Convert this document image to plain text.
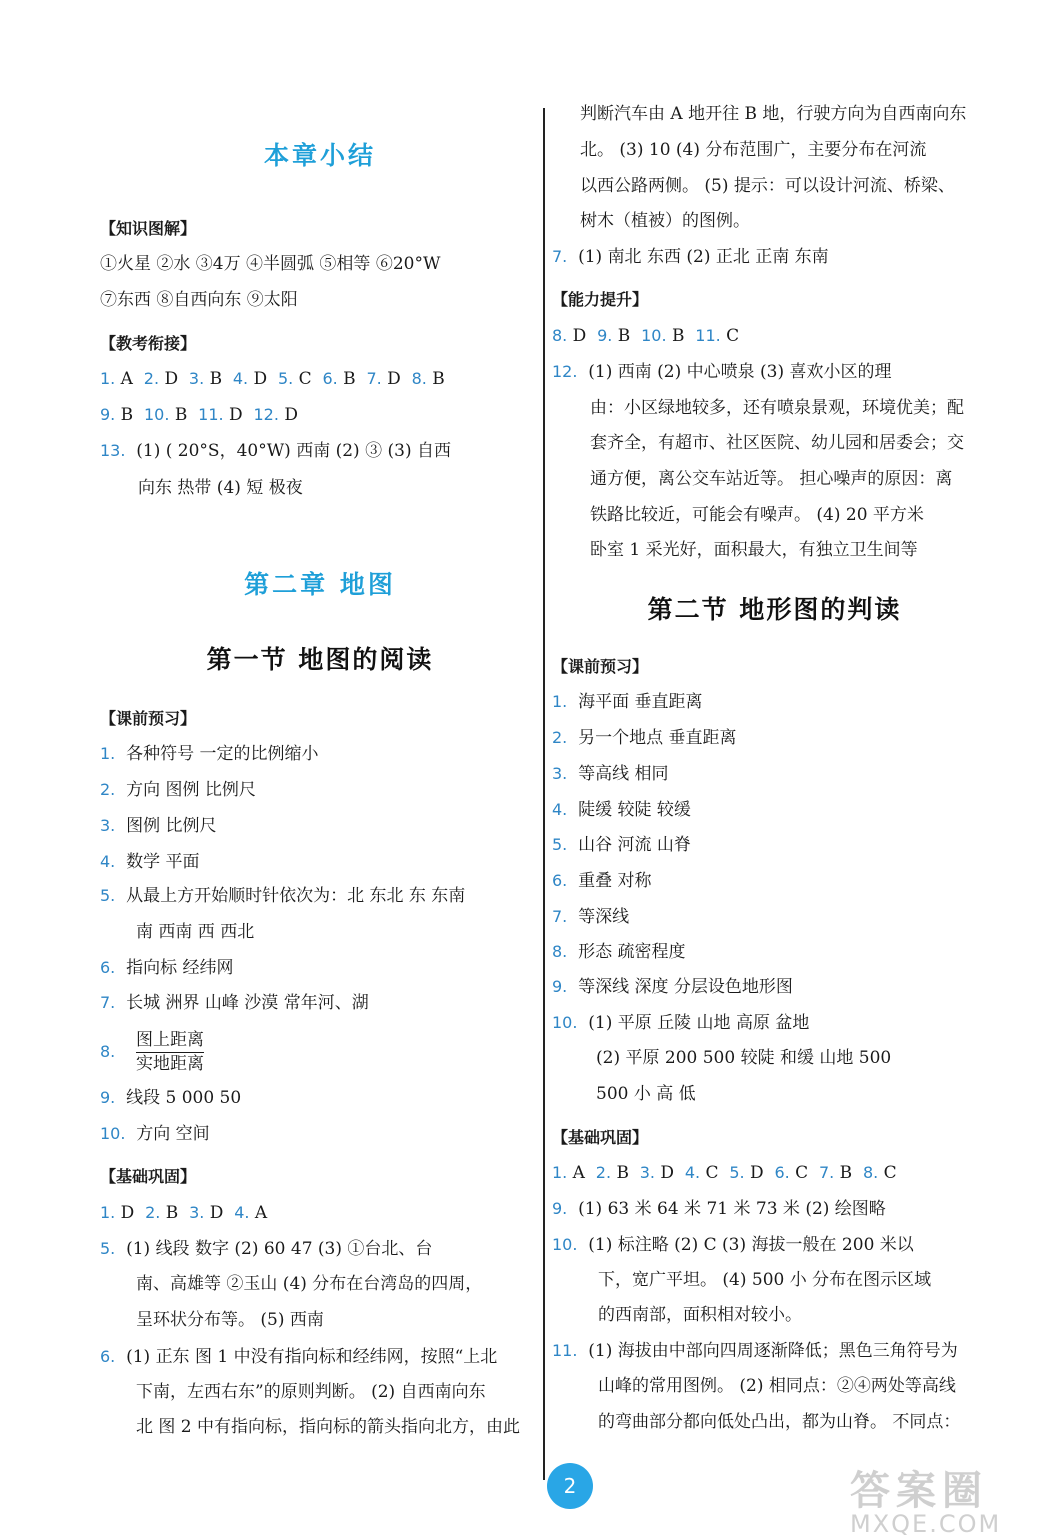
本章小结
【知识图解】
①火星 ②水 ③4万 ④半圆弧 ⑤相等 ⑥20°W
⑦东西 ⑧自西向东 ⑨太阳
【教考衔接】
1. A 2. D 3. B 4. D 5. C 6. B 7. D 8. B
9. B 10. B 11. D 12. D
13. (1) ( 20°S，40°W) 西南 (2) ③ (3) 自西
向东 热带 (4) 短 极夜
第二章 地图
第一节 地图的阅读
【课前预习】
1. 各种符号 一定的比例缩小
2. 方向 图例 比例尺
3. 图例 比例尺
4. 数学 平面
5. 从最上方开始顺时针依次为：北 东北 东 东南
南 西南 西 西北
6. 指向标 经纬网
7. 长城 洲界 山峰 沙漠 常年河、湖
8.
图上距离
实地距离
9. 线段 5 000 50
10. 方向 空间
【基础巩固】
1. D 2. B 3. D 4. A
5. (1) 线段 数字 (2) 60 47 (3) ①台北、台
南、高雄等 ②玉山 (4) 分布在台湾岛的四周，
呈环状分布等。 (5) 西南
6. (1) 正东 图 1 中没有指向标和经纬网，按照“上北
下南，左西右东”的原则判断。 (2) 自西南向东
北 图 2 中有指向标，指向标的箭头指向北方，由此
判断汽车由 A 地开往 B 地，行驶方向为自西南向东
北。 (3) 10 (4) 分布范围广，主要分布在河流
以西公路两侧。 (5) 提示：可以设计河流、桥梁、
树木（植被）的图例。
7. (1) 南北 东西 (2) 正北 正南 东南
【能力提升】
8. D 9. B 10. B 11. C
12. (1) 西南 (2) 中心喷泉 (3) 喜欢小区的理
由：小区绿地较多，还有喷泉景观，环境优美；配
套齐全，有超市、社区医院、幼儿园和居委会；交
通方便，离公交车站近等。 担心噪声的原因：离
铁路比较近，可能会有噪声。 (4) 20 平方米
卧室 1 采光好，面积最大，有独立卫生间等
第二节 地形图的判读
【课前预习】
1. 海平面 垂直距离
2. 另一个地点 垂直距离
3. 等高线 相同
4. 陡缓 较陡 较缓
5. 山谷 河流 山脊
6. 重叠 对称
7. 等深线
8. 形态 疏密程度
9. 等深线 深度 分层设色地形图
10. (1) 平原 丘陵 山地 高原 盆地
(2) 平原 200 500 较陡 和缓 山地 500
500 小 高 低
【基础巩固】
1. A 2. B 3. D 4. C 5. D 6. C 7. B 8. C
9. (1) 63 米 64 米 71 米 73 米 (2) 绘图略
10. (1) 标注略 (2) C (3) 海拔一般在 200 米以
下，宽广平坦。 (4) 500 小 分布在图示区域
的西南部，面积相对较小。
11. (1) 海拔由中部向四周逐渐降低；黑色三角符号为
山峰的常用图例。 (2) 相同点：②④两处等高线
的弯曲部分都向低处凸出，都为山脊。 不同点：
2	答案圈
MXQE.COM
